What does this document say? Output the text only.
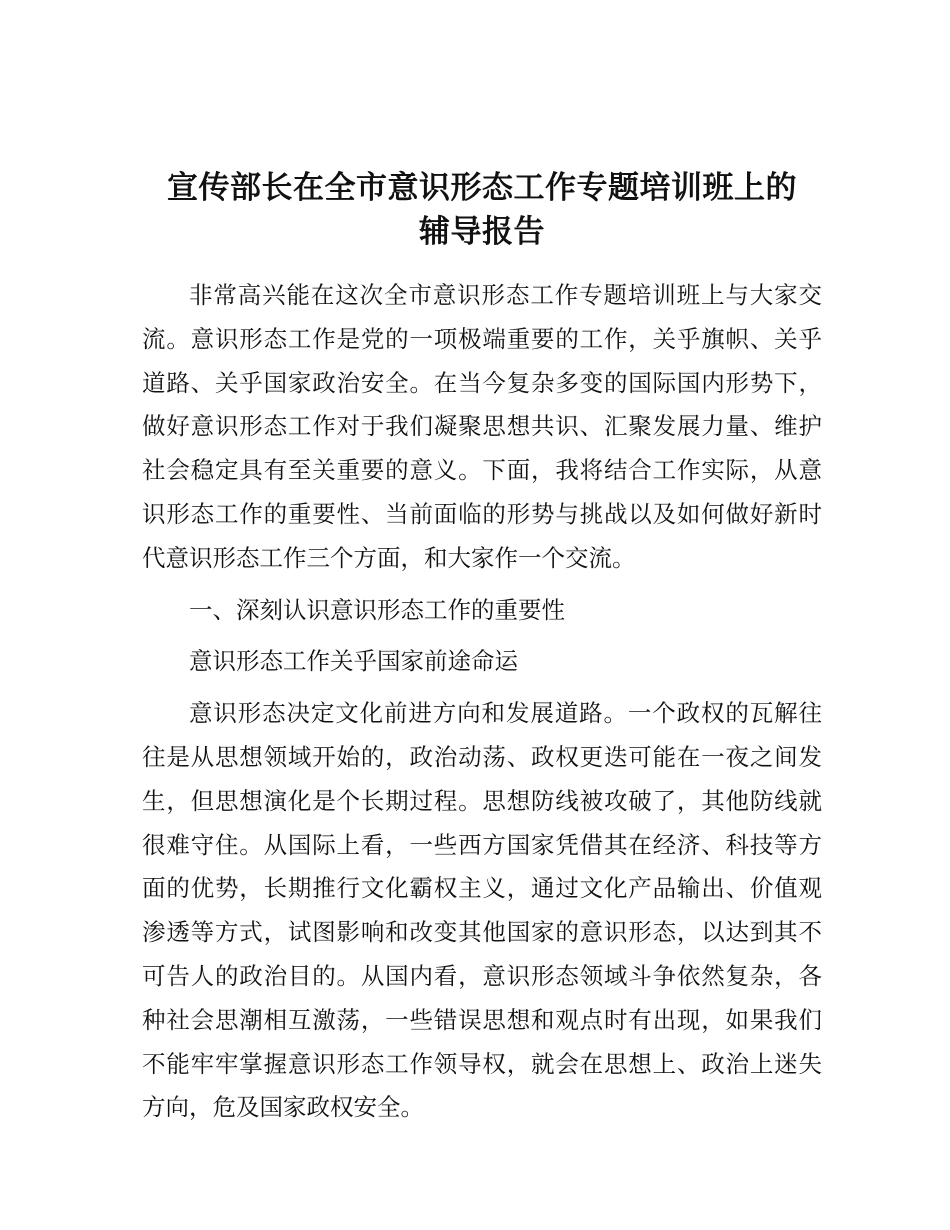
宣传部长在全市意识形态工作专题培训班上的
辅导报告

非常高兴能在这次全市意识形态工作专题培训班上与大家交流。意识形态工作是党的一项极端重要的工作，关乎旗帜、关乎道路、关乎国家政治安全。在当今复杂多变的国际国内形势下，做好意识形态工作对于我们凝聚思想共识、汇聚发展力量、维护社会稳定具有至关重要的意义。下面，我将结合工作实际，从意识形态工作的重要性、当前面临的形势与挑战以及如何做好新时代意识形态工作三个方面，和大家作一个交流。

一、深刻认识意识形态工作的重要性

意识形态工作关乎国家前途命运

意识形态决定文化前进方向和发展道路。一个政权的瓦解往往是从思想领域开始的，政治动荡、政权更迭可能在一夜之间发生，但思想演化是个长期过程。思想防线被攻破了，其他防线就很难守住。从国际上看，一些西方国家凭借其在经济、科技等方面的优势，长期推行文化霸权主义，通过文化产品输出、价值观渗透等方式，试图影响和改变其他国家的意识形态，以达到其不可告人的政治目的。从国内看，意识形态领域斗争依然复杂，各种社会思潮相互激荡，一些错误思想和观点时有出现，如果我们不能牢牢掌握意识形态工作领导权，就会在思想上、政治上迷失方向，危及国家政权安全。
